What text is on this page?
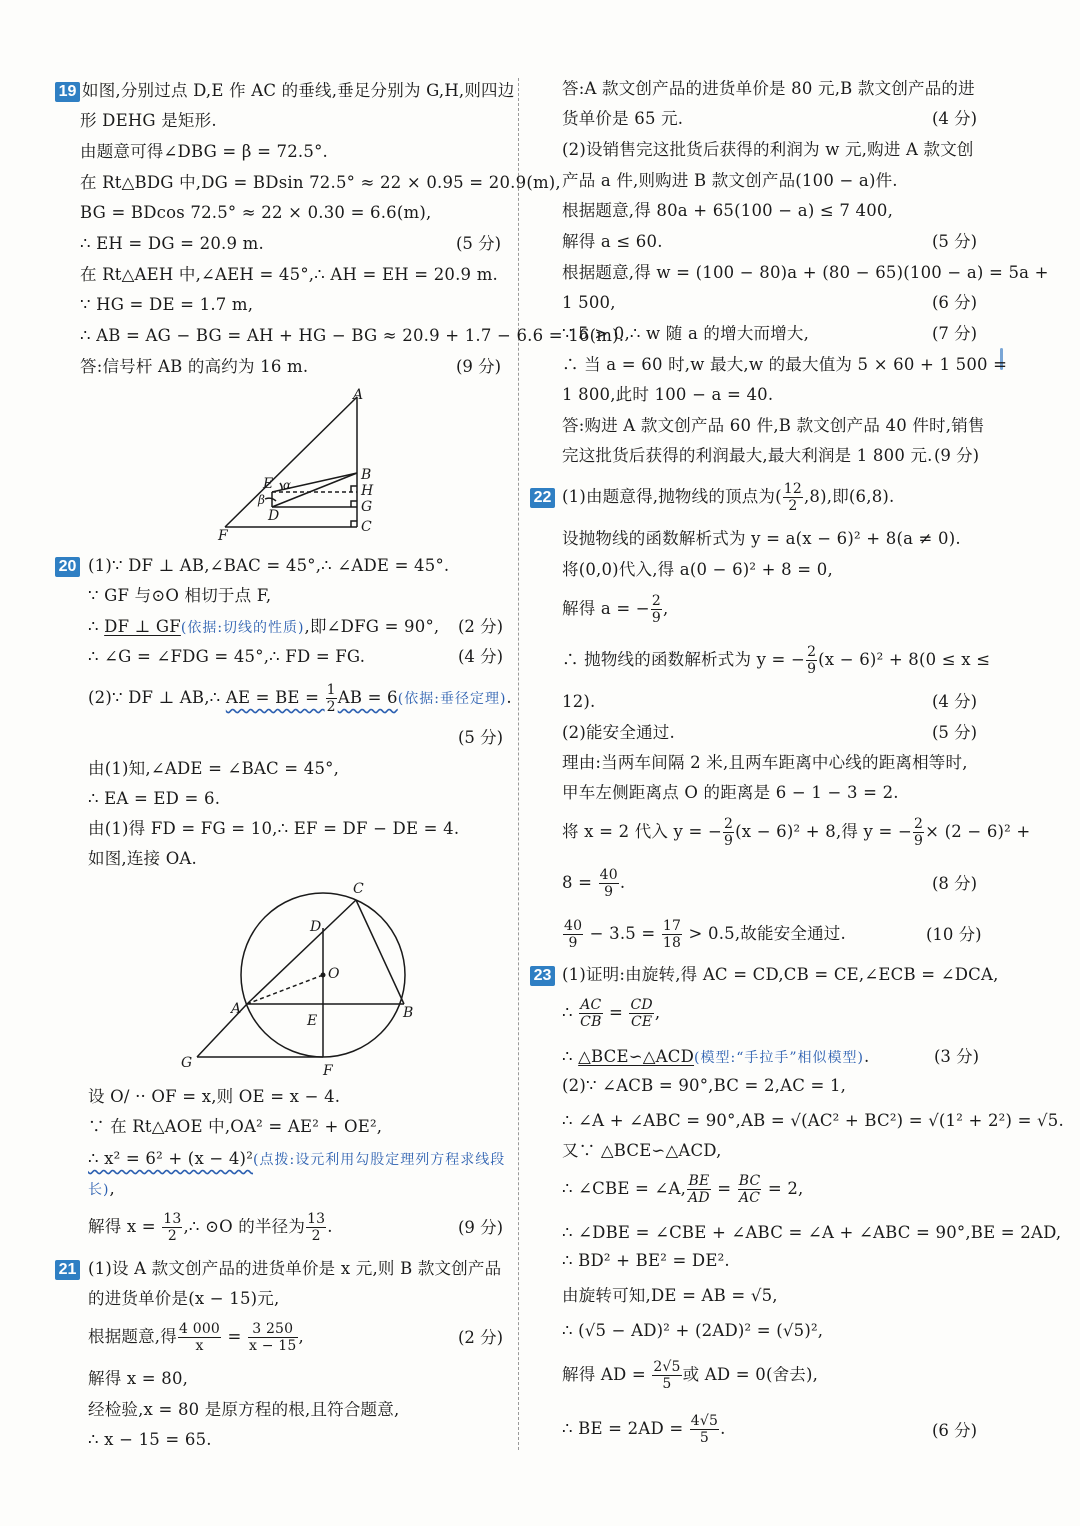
19 如图,分别过点 D,E 作 AC 的垂线,垂足分别为 G,H,则四边
形 DEHG 是矩形.
由题意可得∠DBG = β = 72.5°.
在 Rt△BDG 中,DG = BDsin 72.5° ≈ 22 × 0.95 = 20.9(m),
BG = BDcos 72.5° ≈ 22 × 0.30 = 6.6(m),
∴ EH = DG = 20.9 m.	(5 分)
在 Rt△AEH 中,∠AEH = 45°,∴ AH = EH = 20.9 m.
∵ HG = DE = 1.7 m,
∴ AB = AG − BG = AH + HG − BG ≈ 20.9 + 1.7 − 6.6 = 16(m).
答:信号杆 AB 的高约为 16 m.	(9 分)
A
B
H
G
C
D
E
F
α
β
20 (1)∵ DF ⊥ AB,∠BAC = 45°,∴ ∠ADE = 45°.
∵ GF 与⊙O 相切于点 F,
∴ DF ⊥ GF(依据:切线的性质),即∠DFG = 90°, (2 分)
∴ ∠G = ∠FDG = 45°,∴ FD = FG.	(4 分)
(2)∵ DF ⊥ AB,∴ AE = BE = $\frac{1}{2}$ AB = 6(依据:垂径定理).
(5 分)
由(1)知,∠ADE = ∠BAC = 45°,
∴ EA = ED = 6.
由(1)得 FD = FG = 10,∴ EF = DF − DE = 4.
如图,连接 OA.
C
D
O
A
E	B
G	F
设 O/ ·· OF = x,则 OE = x − 4.
∵ 在 Rt△AOE 中,OA² = AE² + OE²,
∴ x² = 6² + (x − 4)²(点拨:设元利用勾股定理列方程求线段
长),
解得 $x = \frac{13}{2}$ ,∴ ⊙O 的半径为 $\frac{13}{2}$ .	(9 分)
21 (1)设 A 款文创产品的进货单价是 x 元,则 B 款文创产品
的进货单价是(x − 15)元,
根据题意,得 $\frac{4 000}{x} = \frac{3 250}{x - 15}$ ,	(2 分)
解得 x = 80,
经检验,x = 80 是原方程的根,且符合题意,
∴ x − 15 = 65.
答:A 款文创产品的进货单价是 80 元,B 款文创产品的进
货单价是 65 元.	(4 分)
(2)设销售完这批货后获得的利润为 w 元,购进 A 款文创
产品 a 件,则购进 B 款文创产品(100 − a)件.
根据题意,得 80a + 65(100 − a) ≤ 7 400,
解得 a ≤ 60.	(5 分)
根据题意,得 w = (100 − 80)a + (80 − 65)(100 − a) = 5a +
1 500,	(6 分)
∵ 5 > 0,∴ w 随 a 的增大而增大,	(7 分)
∴ 当 a = 60 时,w 最大,w 的最大值为 5 × 60 + 1 500 =
1 800,此时 100 − a = 40.
答:购进 A 款文创产品 60 件,B 款文创产品 40 件时,销售
完这批货后获得的利润最大,最大利润是 1 800 元. (9 分)
22 (1)由题意得,抛物线的顶点为( $\frac{12}{2} ,8$),即(6,8).
设抛物线的函数解析式为 y = a(x − 6)² + 8(a ≠ 0).
将(0,0)代入,得 a(0 − 6)² + 8 = 0,
解得 a = − $\frac{2}{9}$ ,
∴ 抛物线的函数解析式为 y = − $\frac{2}{9} (x - 6)^2 + 8(0 \le x$ ≤
12).	(4 分)
(2)能安全通过.	(5 分)
理由:当两车间隔 2 米,且两车距离中心线的距离相等时,
甲车左侧距离点 O 的距离是 6 − 1 − 3 = 2.
将 x = 2 代入 y = − $\frac{2}{9} (x - 6)^2 + 8$,得 y = − $\frac{2}{9} \times (2 - 6)^2$ +
$8 = \frac{40}{9}$ .	(8 分)
$\frac{40}{9} - 3.5 = \frac{17}{18} > 0.5$,故能安全通过.	(10 分)
23 (1)证明:由旋转,得 AC = CD,CB = CE,∠ECB = ∠DCA,
∴ $\frac{AC}{CB} = \frac{CD}{CE}$ ,
∴ △BCE∽△ACD(模型:“手拉手”相似模型).	(3 分)
(2)∵ ∠ACB = 90°,BC = 2,AC = 1,
∴ ∠A + ∠ABC = 90°,AB = √(AC² + BC²) = √(1² + 2²) = √5.
又∵ △BCE∽△ACD,
∴ ∠CBE = ∠A, $\frac{BE}{AD} = \frac{BC}{AC} = 2$,
∴ ∠DBE = ∠CBE + ∠ABC = ∠A + ∠ABC = 90°,BE = 2AD,
∴ BD² + BE² = DE².
由旋转可知,DE = AB = √5,
∴ (√5 − AD)² + (2AD)² = (√5)²,
解得 AD = $\frac{2√5}{5}$ 或 AD = 0(舍去),
∴ BE = $2AD = \frac{4√5}{5}$ .	(6 分)
